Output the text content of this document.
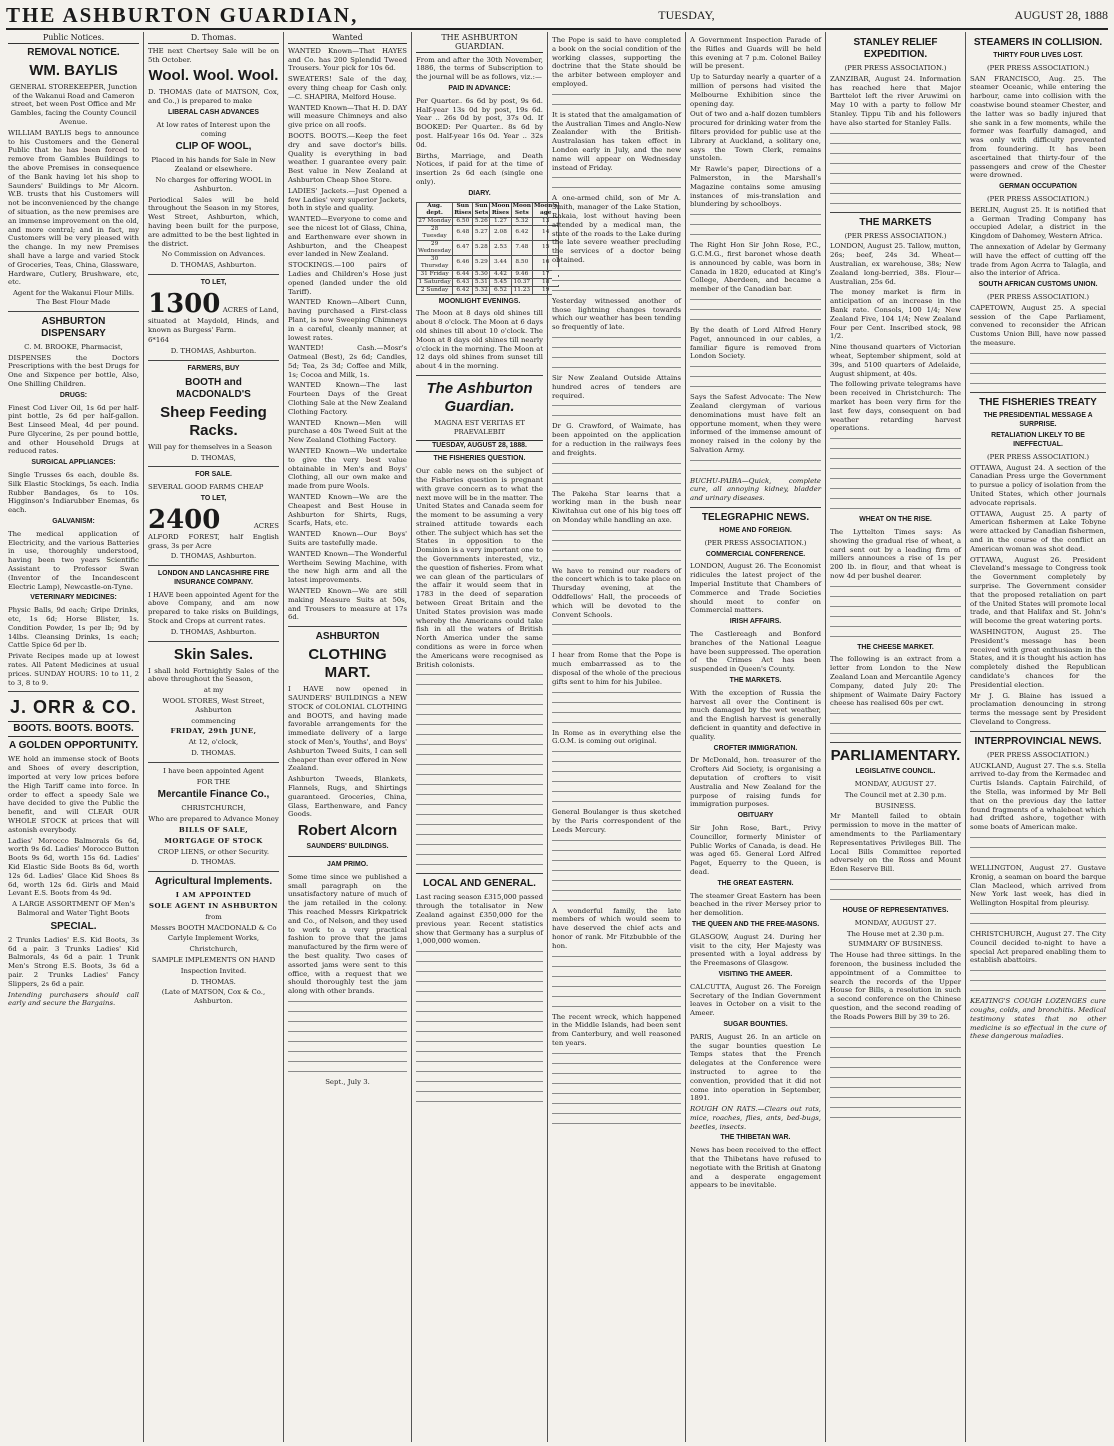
THE ASHBURTON GUARDIAN,	TUESDAY,	AUGUST 28, 1888
Public Notices.
REMOVAL NOTICE.
WM. BAYLIS

GENERAL STOREKEEPER, Junction of the Wakanui Road and Cameron street, bet ween Post Office and Mr Gambles, facing the County Council Avenue.

WILLIAM BAYLIS begs to announce to his Customers and the General Public that he has been forced to remove from Gambles Buildings to the above Premises in consequence of the Bank having let his shop to Saunders' Buildings to Mr Alcorn. W.B. trusts that his Customers will not be inconvenienced by the change of situation, as the new premises are an immense improvement on the old, and more central; and in fact, my Customers will be very pleased with the change. In my new Premises shall have a large and varied Stock of Groceries, Teas, China, Glassware, Hardware, Cutlery, Brushware, etc, etc.

Agent for the Wakanui Flour Mills. The Best Flour Made

ASHBURTON DISPENSARY

C. M. BROOKE, Pharmacist,

DISPENSES the Doctors Prescriptions with the best Drugs for One and Sixpence per bottle, Also, One Shilling Children.

DRUGS:

Finest Cod Liver Oil, 1s 6d per half-pint bottle, 2s 6d per half-gallon. Best Linseed Meal, 4d per pound. Pure Glycerine, 2s per pound bottle, and other Household Drugs at reduced rates.

SURGICAL APPLIANCES:

Single Trusses 6s each, double 8s. Silk Elastic Stockings, 5s each. India Rubber Bandages, 6s to 10s. Higginson's Indiarubber Enemas, 6s each.

GALVANISM:

The medical application of Electricity, and the various Batteries in use, thoroughly understood, having been two years Scientific Assistant to Professor Swan (Inventor of the Incandescent Electric Lamp), Newcastle-on-Tyne.

VETERINARY MEDICINES:

Physic Balls, 9d each; Gripe Drinks, etc, 1s 6d; Horse Blister, 1s. Condition Powder, 1s per lb; 9d by 14lbs. Cleansing Drinks, 1s each; Cattle Spice 6d per lb.

Private Recipes made up at lowest rates. All Patent Medicines at usual prices. SUNDAY HOURS: 10 to 11, 2 to 3, 8 to 9.

J. ORR & CO.
BOOTS. BOOTS. BOOTS.
A GOLDEN OPPORTUNITY.

WE hold an immense stock of Boots and Shoes of every description, imported at very low prices before the High Tariff came into force. In order to effect a speedy Sale we have decided to give the Public the benefit, and will CLEAR OUR WHOLE STOCK at prices that will astonish everybody.

Ladies' Morocco Balmorals 6s 6d, worth 9s 6d. Ladies' Morocco Button Boots 9s 6d, worth 15s 6d. Ladies' Kid Elastic Side Boots 8s 6d, worth 12s 6d. Ladies' Glace Kid Shoes 8s 6d, worth 12s 6d. Girls and Maid Levant E.S. Boots from 4s 9d.

A LARGE ASSORTMENT OF Men's Balmoral and Water Tight Boots

SPECIAL.

2 Trunks Ladies' E.S. Kid Boots, 3s 6d a pair. 3 Trunks Ladies' Kid Balmorals, 4s 6d a pair. 1 Trunk Men's Strong E.S. Boots, 3s 6d a pair. 2 Trunks Ladies' Fancy Slippers, 2s 6d a pair.

Intending purchasers should call early and secure the Bargains.

D. Thomas.

THE next Chertsey Sale will be on 5th October.

Wool. Wool. Wool.

D. THOMAS (late of MATSON, Cox, and Co.,) is prepared to make

LIBERAL CASH ADVANCES

At low rates of Interest upon the coming

CLIP OF WOOL,

Placed in his hands for Sale in New Zealand or elsewhere.

No charges for offering WOOL in Ashburton.

Periodical Sales will be held throughout the Season in my Stores, West Street, Ashburton, which, having been built for the purpose, are admitted to be the best lighted in the district.

No Commission on Advances.

D. THOMAS, Ashburton.

TO LET,

1300 ACRES of Land, situated at Maydold, Hinds, and known as Burgess' Farm.

6*164

D. THOMAS, Ashburton.

FARMERS, BUY
BOOTH and MACDONALD'S
Sheep Feeding Racks.

Will pay for themselves in a Season

D. THOMAS,

FOR SALE.

SEVERAL GOOD FARMS CHEAP

TO LET,

2400	ACRES ALFORD FOREST, half English grass, 3s per Acre

D. THOMAS, Ashburton.

LONDON AND LANCASHIRE FIRE INSURANCE COMPANY.

I HAVE been appointed Agent for the above Company, and am now prepared to take risks on Buildings, Stock and Crops at current rates.

D. THOMAS, Ashburton.

Skin Sales.

I shall hold Fortnightly Sales of the above throughout the Season,

at my

WOOL STORES, West Street, Ashburton

commencing

FRIDAY, 29th JUNE,

At 12, o'clock,

D. THOMAS.

I have been appointed Agent

FOR THE

Mercantile Finance Co.,

CHRISTCHURCH,

Who are prepared to Advance Money

BILLS OF SALE,

MORTGAGE OF STOCK

CROP LIENS, or other Security.

D. THOMAS.

Agricultural Implements.

I AM APPOINTED

SOLE AGENT IN ASHBURTON

from

Messrs BOOTH MACDONALD & Co

Carlyle Implement Works,

Christchurch,

SAMPLE IMPLEMENTS ON HAND

Inspection Invited.

D. THOMAS.

(Late of MATSON, Cox & Co., Ashburton.

Wanted

WANTED Known—That HAYES and Co. has 200 Splendid Tweed Trousers. Your pick for 10s 6d.

SWEATERS! Sale of the day, every thing cheap for Cash only.—C. SHAPIRA, Melford House.

WANTED Known—That H. D. DAY will measure Chimneys and also give price on all roofs.

BOOTS. BOOTS.—Keep the feet dry and save doctor's bills. Quality is everything in bad weather. I guarantee every pair. Best value in New Zealand at Ashburton Cheap Shoe Store.

LADIES' Jackets.—Just Opened a few Ladies' very superior Jackets, both in style and quality.

WANTED—Everyone to come and see the nicest lot of Glass, China, and Earthenware ever shown in Ashburton, and the Cheapest ever landed in New Zealand.

STOCKINGS.—100 pairs of Ladies and Children's Hose just opened (landed under the old Tariff).

WANTED Known—Albert Cunn, having purchased a First-class Plant, is now Sweeping Chimneys in a careful, cleanly manner, at lowest rates.

WANTED! Cash.—Mosr's Oatmeal (Best), 2s 6d; Candles, 5d; Tea, 2s 3d; Coffee and Milk, 1s; Cocoa and Milk, 1s.

WANTED Known—The last Fourteen Days of the Great Clothing Sale at the New Zealand Clothing Factory.

WANTED Known—Men will purchase a 40s Tweed Suit at the New Zealand Clothing Factory.

WANTED Known—We undertake to give the very best value obtainable in Men's and Boys' Clothing, all our own make and made from pure Wools.

WANTED Known—We are the Cheapest and Best House in Ashburton for Shirts, Rugs, Scarfs, Hats, etc.

WANTED Known—Our Boys' Suits are tastefully made.

WANTED Known—The Wonderful Wertheim Sewing Machine, with the new high arm and all the latest improvements.

WANTED Known—We are still making Measure Suits at 50s, and Trousers to measure at 17s 6d.

ASHBURTON
CLOTHING MART.

I HAVE now opened in SAUNDERS' BUILDINGS a NEW STOCK of COLONIAL CLOTHING and BOOTS, and having made favorable arrangements for the immediate delivery of a large stock of Men's, Youths', and Boys' Ashburton Tweed Suits, I can sell cheaper than ever offered in New Zealand.

Ashburton Tweeds, Blankets, Flannels, Rugs, and Shirtings guaranteed. Groceries, China, Glass, Earthenware, and Fancy Goods.

Robert Alcorn
SAUNDERS' BUILDINGS.
JAM PRIMO.

Some time since we published a small paragraph on the unsatisfactory nature of much of the jam retailed in the colony. This reached Messrs Kirkpatrick and Co., of Nelson, and they used to work to a very practical fashion to prove that the jams manufactured by the firm were of the best quality. Two cases of assorted jams were sent to this office, with a request that we should thoroughly test the jam along with other brands.

Sept., July 3.

THE ASHBURTON GUARDIAN.

From and after the 30th November, 1886, the terms of Subscription to the journal will be as follows, viz.:—

PAID IN ADVANCE:

Per Quarter.. 6s 6d by post, 9s 6d. Half-year 13s 0d by post, 19s 6d. Year .. 26s 0d by post, 37s 0d. If BOOKED: Per Quarter.. 8s 6d by post. Half-year 16s 0d. Year .. 32s 0d.

Births, Marriage, and Death Notices, if paid for at the time of insertion 2s 6d each (single one only).

DIARY.
Aug. dept.	Sun Rises	Sun Sets	Moon Rises	Moon Sets	Moon's age
27 Monday	6.50	5.26	1.27	5.32	13
28 Tuesday	6.48	5.27	2.08	6.42	14
29 Wednesday	6.47	5.28	2.53	7.48	15
30 Thursday	6.46	5.29	3.44	8.50	16
31 Friday	6.44	5.30	4.42	9.46	17
1 Saturday	6.43	5.31	5.45	10.37	18
2 Sunday	6.42	5.32	6.52	11.23	19
MOONLIGHT EVENINGS.

The Moon at 8 days old shines till about 8 o'clock. The Moon at 6 days old shines till about 10 o'clock. The Moon at 8 days old shines till nearly o'clock in the morning. The Moon at 12 days old shines from sunset till about 4 in the morning.

The Ashburton Guardian.

MAGNA EST VERITAS ET PRAEVALEBIT

TUESDAY, AUGUST 28, 1888.
THE FISHERIES QUESTION.

Our cable news on the subject of the Fisheries question is pregnant with grave concern as to what the next move will be in the matter. The United States and Canada seem for the moment to be assuming a very strained attitude towards each other. The subject which has set the States in opposition to the Dominion is a very important one to the Governments interested, viz., the question of fisheries. From what we can glean of the particulars of the affair it would seem that in 1783 in the deed of separation between Great Britain and the United States provision was made whereby the Americans could take fish in all the waters of British North America under the same conditions as were in force when the Americans were recognised as British colonists.

LOCAL AND GENERAL.

Last racing season £315,000 passed through the totalisator in New Zealand against £350,000 for the previous year. Recent statistics show that Germany has a surplus of 1,000,000 women.

The Pope is said to have completed a book on the social condition of the working classes, supporting the doctrine that the State should be the arbiter between employer and employed.

It is stated that the amalgamation of the Australian Times and Anglo-New Zealander with the British-Australasian has taken effect in London early in July, and the new name will appear on Wednesday instead of Friday.

A one-armed child, son of Mr A. Smith, manager of the Lake Station, Rakaia, lost without having been attended by a medical man, the state of the roads to the Lake during the late severe weather precluding the services of a doctor being obtained.

Yesterday witnessed another of those lightning changes towards which our weather has been tending so frequently of late.

Sir New Zealand Outside Attains hundred acres of tenders are required.

Dr G. Crawford, of Waimate, has been appointed on the application for a reduction in the railways fees and freights.

The Pakeha Star learns that a working man in the bush near Kiwitahua cut one of his big toes off on Monday while handling an axe.

We have to remind our readers of the concert which is to take place on Thursday evening, at the Oddfellows' Hall, the proceeds of which will be devoted to the Convent Schools.

I hear from Rome that the Pope is much embarrassed as to the disposal of the whole of the precious gifts sent to him for his Jubilee.

In Rome as in everything else the G.O.M. is coming out original.

General Boulanger is thus sketched by the Paris correspondent of the Leeds Mercury.

A wonderful family, the late members of which would seem to have deserved the chief acts and honor of rank. Mr Fitzbubble of the hon.

The recent wreck, which happened in the Middle Islands, had been sent from Canterbury, and well reasoned ten years.

A Government Inspection Parade of the Rifles and Guards will be held this evening at 7 p.m. Colonel Bailey will be present.

Up to Saturday nearly a quarter of a million of persons had visited the Melbourne Exhibition since the opening day.

Out of two and a-half dozen tumblers procured for drinking water from the filters provided for public use at the Library at Auckland, a solitary one, says the Town Clerk, remains unstolen.

Mr Rawle's paper, Directions of a Palmerston, in the Marshall's Magazine contains some amusing instances of mis-translation and blundering by schoolboys.

The Right Hon Sir John Rose, P.C., G.C.M.G., first baronet whose death is announced by cable, was born in Canada in 1820, educated at King's College, Aberdeen, and became a member of the Canadian bar.

By the death of Lord Alfred Henry Paget, announced in our cables, a familiar figure is removed from London Society.

Says the Safest Advocate: The New Zealand clergyman of various denominations must have felt an opportune moment, when they were informed of the immense amount of money raised in the colony by the Salvation Army.

BUCHU-PAIBA—Quick, complete cure, all annoying kidney, bladder and urinary diseases.

TELEGRAPHIC NEWS.
HOME AND FOREIGN.

(PER PRESS ASSOCIATION.)

COMMERCIAL CONFERENCE.

LONDON, August 26. The Economist ridicules the latest project of the Imperial Institute that Chambers of Commerce and Trade Societies should meet to confer on Commercial matters.

IRISH AFFAIRS.

The Castlereagh and Bonford branches of the National League have been suppressed. The operation of the Crimes Act has been suspended in Queen's County.

THE MARKETS.

With the exception of Russia the harvest all over the Continent is much damaged by the wet weather, and the English harvest is generally deficient in quantity and defective in quality.

CROFTER IMMIGRATION.

Dr McDonald, hon. treasurer of the Crofters Aid Society, is organising a deputation of crofters to visit Australia and New Zealand for the purpose of raising funds for immigration purposes.

OBITUARY

Sir John Rose, Bart., Privy Councillor, formerly Minister of Public Works of Canada, is dead. He was aged 65. General Lord Alfred Paget, Equerry to the Queen, is dead.

THE GREAT EASTERN.

The steamer Great Eastern has been beached in the river Mersey prior to her demolition.

THE QUEEN AND THE FREE-MASONS.

GLASGOW, August 24. During her visit to the city, Her Majesty was presented with a loyal address by the Freemasons of Glasgow.

VISITING THE AMEER.

CALCUTTA, August 26. The Foreign Secretary of the Indian Government leaves in October on a visit to the Ameer.

SUGAR BOUNTIES.

PARIS, August 26. In an article on the sugar bounties question Le Temps states that the French delegates at the Conference were instructed to agree to the convention, provided that it did not come into operation in September, 1891.

ROUGH ON RATS.—Clears out rats, mice, roaches, flies, ants, bed-bugs, beetles, insects.

THE THIBETAN WAR.

News has been received to the effect that the Thibetans have refused to negotiate with the British at Gnatong and a desperate engagement appears to be inevitable.

STANLEY RELIEF EXPEDITION.

(PER PRESS ASSOCIATION.)

ZANZIBAR, August 24. Information has reached here that Major Barttelot left the river Aruwimi on May 10 with a party to follow Mr Stanley. Tippu Tib and his followers have also started for Stanley Falls.

THE MARKETS

(PER PRESS ASSOCIATION.)

LONDON, August 25. Tallow, mutton, 26s; beef, 24s 3d. Wheat—Australian, ex warehouse, 38s; New Zealand long-berried, 38s. Flour—Australian, 25s 6d.

The money market is firm in anticipation of an increase in the Bank rate. Consols, 100 1/4; New Zealand Five, 104 1/4; New Zealand Four per Cent. Inscribed stock, 98 1/2.

Nine thousand quarters of Victorian wheat, September shipment, sold at 39s, and 5100 quarters of Adelaide, August shipment, at 40s.

The following private telegrams have been received in Christchurch: The market has been very firm for the last few days, consequent on bad weather retarding harvest operations.

WHEAT ON THE RISE.

The Lyttelton Times says: As showing the gradual rise of wheat, a card sent out by a leading firm of millers announces a rise of 1s per 200 lb. in flour, and that wheat is now 4d per bushel dearer.

THE CHEESE MARKET.

The following is an extract from a letter from London to the New Zealand Loan and Mercantile Agency Company, dated July 20: The shipment of Waimate Dairy Factory cheese has realised 60s per cwt.

PARLIAMENTARY.
LEGISLATIVE COUNCIL.

MONDAY, AUGUST 27.

The Council met at 2.30 p.m.

BUSINESS.

Mr Mantell failed to obtain permission to move in the matter of amendments to the Parliamentary Representatives Privileges Bill. The Local Bills Committee reported adversely on the Ross and Mount Eden Reserve Bill.

HOUSE OF REPRESENTATIVES.

MONDAY, AUGUST 27.

The House met at 2.30 p.m.

SUMMARY OF BUSINESS.

The House had three sittings. In the forenoon, the business included the appointment of a Committee to search the records of the Upper House for Bills, a resolution in such a second conference on the Chinese question, and the second reading of the Roads Powers Bill by 39 to 26.

STEAMERS IN COLLISION.
THIRTY FOUR LIVES LOST.

(PER PRESS ASSOCIATION.)

SAN FRANCISCO, Aug. 25. The steamer Oceanic, while entering the harbour, came into collision with the coastwise bound steamer Chester, and the latter was so badly injured that she sank in a few moments, while the former was fearfully damaged, and was only with difficulty prevented from foundering. It has been ascertained that thirty-four of the passengers and crew of the Chester were drowned.

GERMAN OCCUPATION

(PER PRESS ASSOCIATION.)

BERLIN, August 25. It is notified that a German Trading Company has occupied Adelar, a district in the Kingdom of Dahomey, Western Africa.

The annexation of Adelar by Germany will have the effect of cutting off the trade from Agon Acrra to Talagla, and also the interior of Africa.

SOUTH AFRICAN CUSTOMS UNION.

(PER PRESS ASSOCIATION.)

CAPETOWN, August 25. A special session of the Cape Parliament, convened to reconsider the African Customs Union Bill, have now passed the measure.

THE FISHERIES TREATY
THE PRESIDENTIAL MESSAGE A SURPRISE.
RETALIATION LIKELY TO BE INEFFECTUAL.

(PER PRESS ASSOCIATION.)

OTTAWA, August 24. A section of the Canadian Press urge the Government to pursue a policy of isolation from the United States, which other journals advocate reprisals.

OTTAWA, August 25. A party of American fishermen at Lake Tobyne were attacked by Canadian fishermen, and in the course of the conflict an American woman was shot dead.

OTTAWA, August 26. President Cleveland's message to Congress took the Government completely by surprise. The Government consider that the proposed retaliation on part of the United States will promote local trade, and that Halifax and St. John's will become the great watering ports.

WASHINGTON, August 25. The President's message has been received with great enthusiasm in the States, and it is thought his action has completely dished the Republican candidate's chances for the Presidential election.

Mr J. G. Blaine has issued a proclamation denouncing in strong terms the message sent by President Cleveland to Congress.

INTERPROVINCIAL NEWS.

(PER PRESS ASSOCIATION.)

AUCKLAND, August 27. The s.s. Stella arrived to-day from the Kermadec and Curtis Islands. Captain Fairchild, of the Stella, was informed by Mr Bell that on the previous day the latter found fragments of a whaleboat which had drifted ashore, together with some boats of American make.

WELLINGTON, August 27. Gustave Kronig, a seaman on board the barque Clan Macleod, which arrived from New York last week, has died in Wellington Hospital from pleurisy.

CHRISTCHURCH, August 27. The City Council decided to-night to have a special Act prepared enabling them to establish abattoirs.

KEATING'S COUGH LOZENGES cure coughs, colds, and bronchitis. Medical testimony states that no other medicine is so effectual in the cure of these dangerous maladies.
